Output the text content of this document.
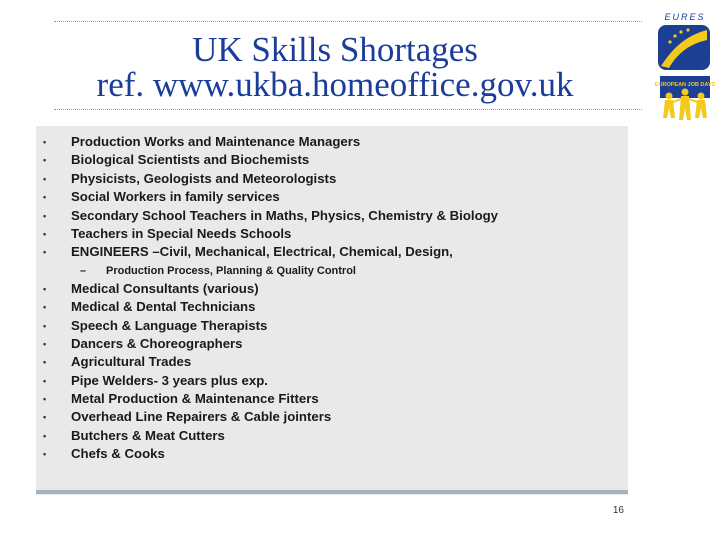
UK Skills Shortages
ref. www.ukba.homeoffice.gov.uk
EURES
EUROPEAN JOB DAYS
• Production Works and Maintenance Managers
• Biological Scientists and Biochemists
• Physicists, Geologists and Meteorologists
• Social Workers in family services
• Secondary School Teachers in Maths, Physics, Chemistry & Biology
• Teachers in Special Needs Schools
• ENGINEERS –Civil, Mechanical, Electrical, Chemical, Design,
– Production Process, Planning & Quality Control
• Medical Consultants (various)
• Medical & Dental Technicians
• Speech & Language Therapists
• Dancers & Choreographers
• Agricultural Trades
• Pipe Welders- 3 years plus exp.
• Metal Production & Maintenance Fitters
• Overhead Line Repairers & Cable jointers
• Butchers & Meat Cutters
• Chefs & Cooks
16
